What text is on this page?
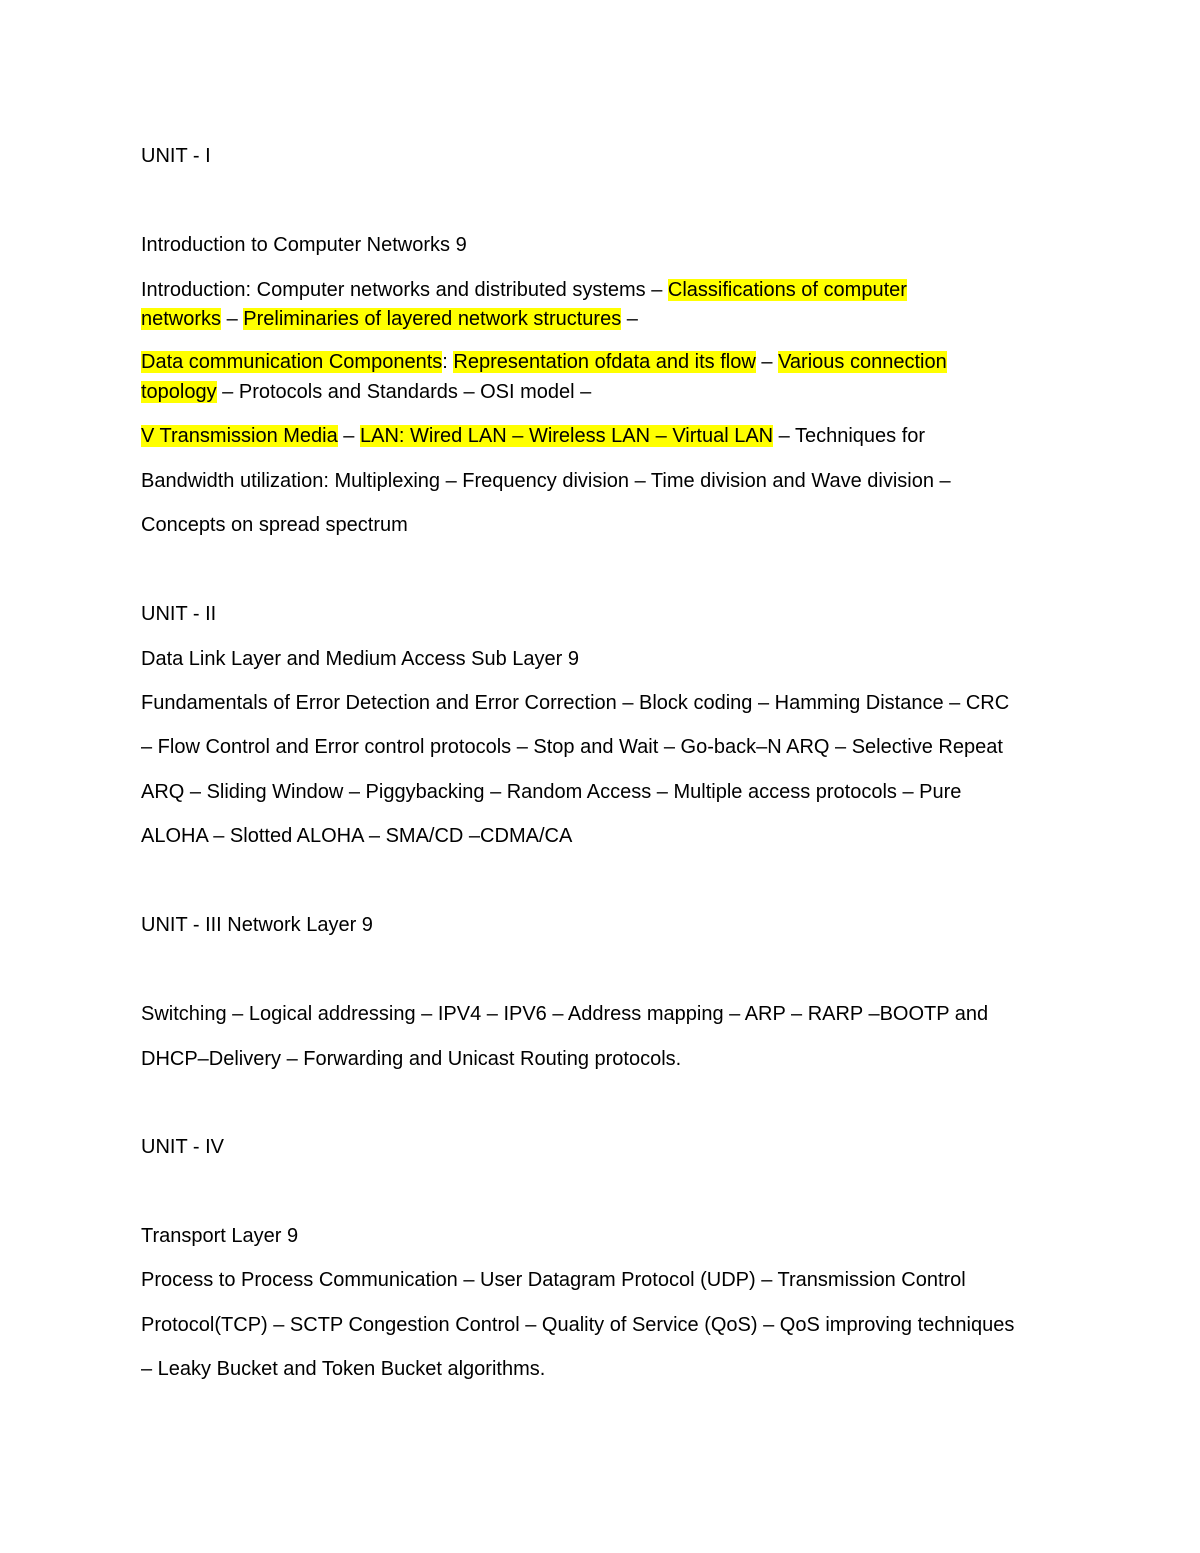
UNIT - I
Introduction to Computer Networks 9
Introduction: Computer networks and distributed systems – Classifications of computer
networks – Preliminaries of layered network structures –
Data communication Components: Representation ofdata and its flow – Various connection
topology – Protocols and Standards – OSI model –
V Transmission Media – LAN: Wired LAN – Wireless LAN – Virtual LAN – Techniques for
Bandwidth utilization: Multiplexing – Frequency division – Time division and Wave division –
Concepts on spread spectrum
UNIT - II
Data Link Layer and Medium Access Sub Layer 9
Fundamentals of Error Detection and Error Correction – Block coding – Hamming Distance – CRC
– Flow Control and Error control protocols – Stop and Wait – Go-back–N ARQ – Selective Repeat
ARQ – Sliding Window – Piggybacking – Random Access – Multiple access protocols – Pure
ALOHA – Slotted ALOHA – SMA/CD –CDMA/CA
UNIT - III Network Layer 9
Switching – Logical addressing – IPV4 – IPV6 – Address mapping – ARP – RARP –BOOTP and
DHCP–Delivery – Forwarding and Unicast Routing protocols.
UNIT - IV
Transport Layer 9
Process to Process Communication – User Datagram Protocol (UDP) – Transmission Control
Protocol(TCP) – SCTP Congestion Control – Quality of Service (QoS) – QoS improving techniques
– Leaky Bucket and Token Bucket algorithms.
